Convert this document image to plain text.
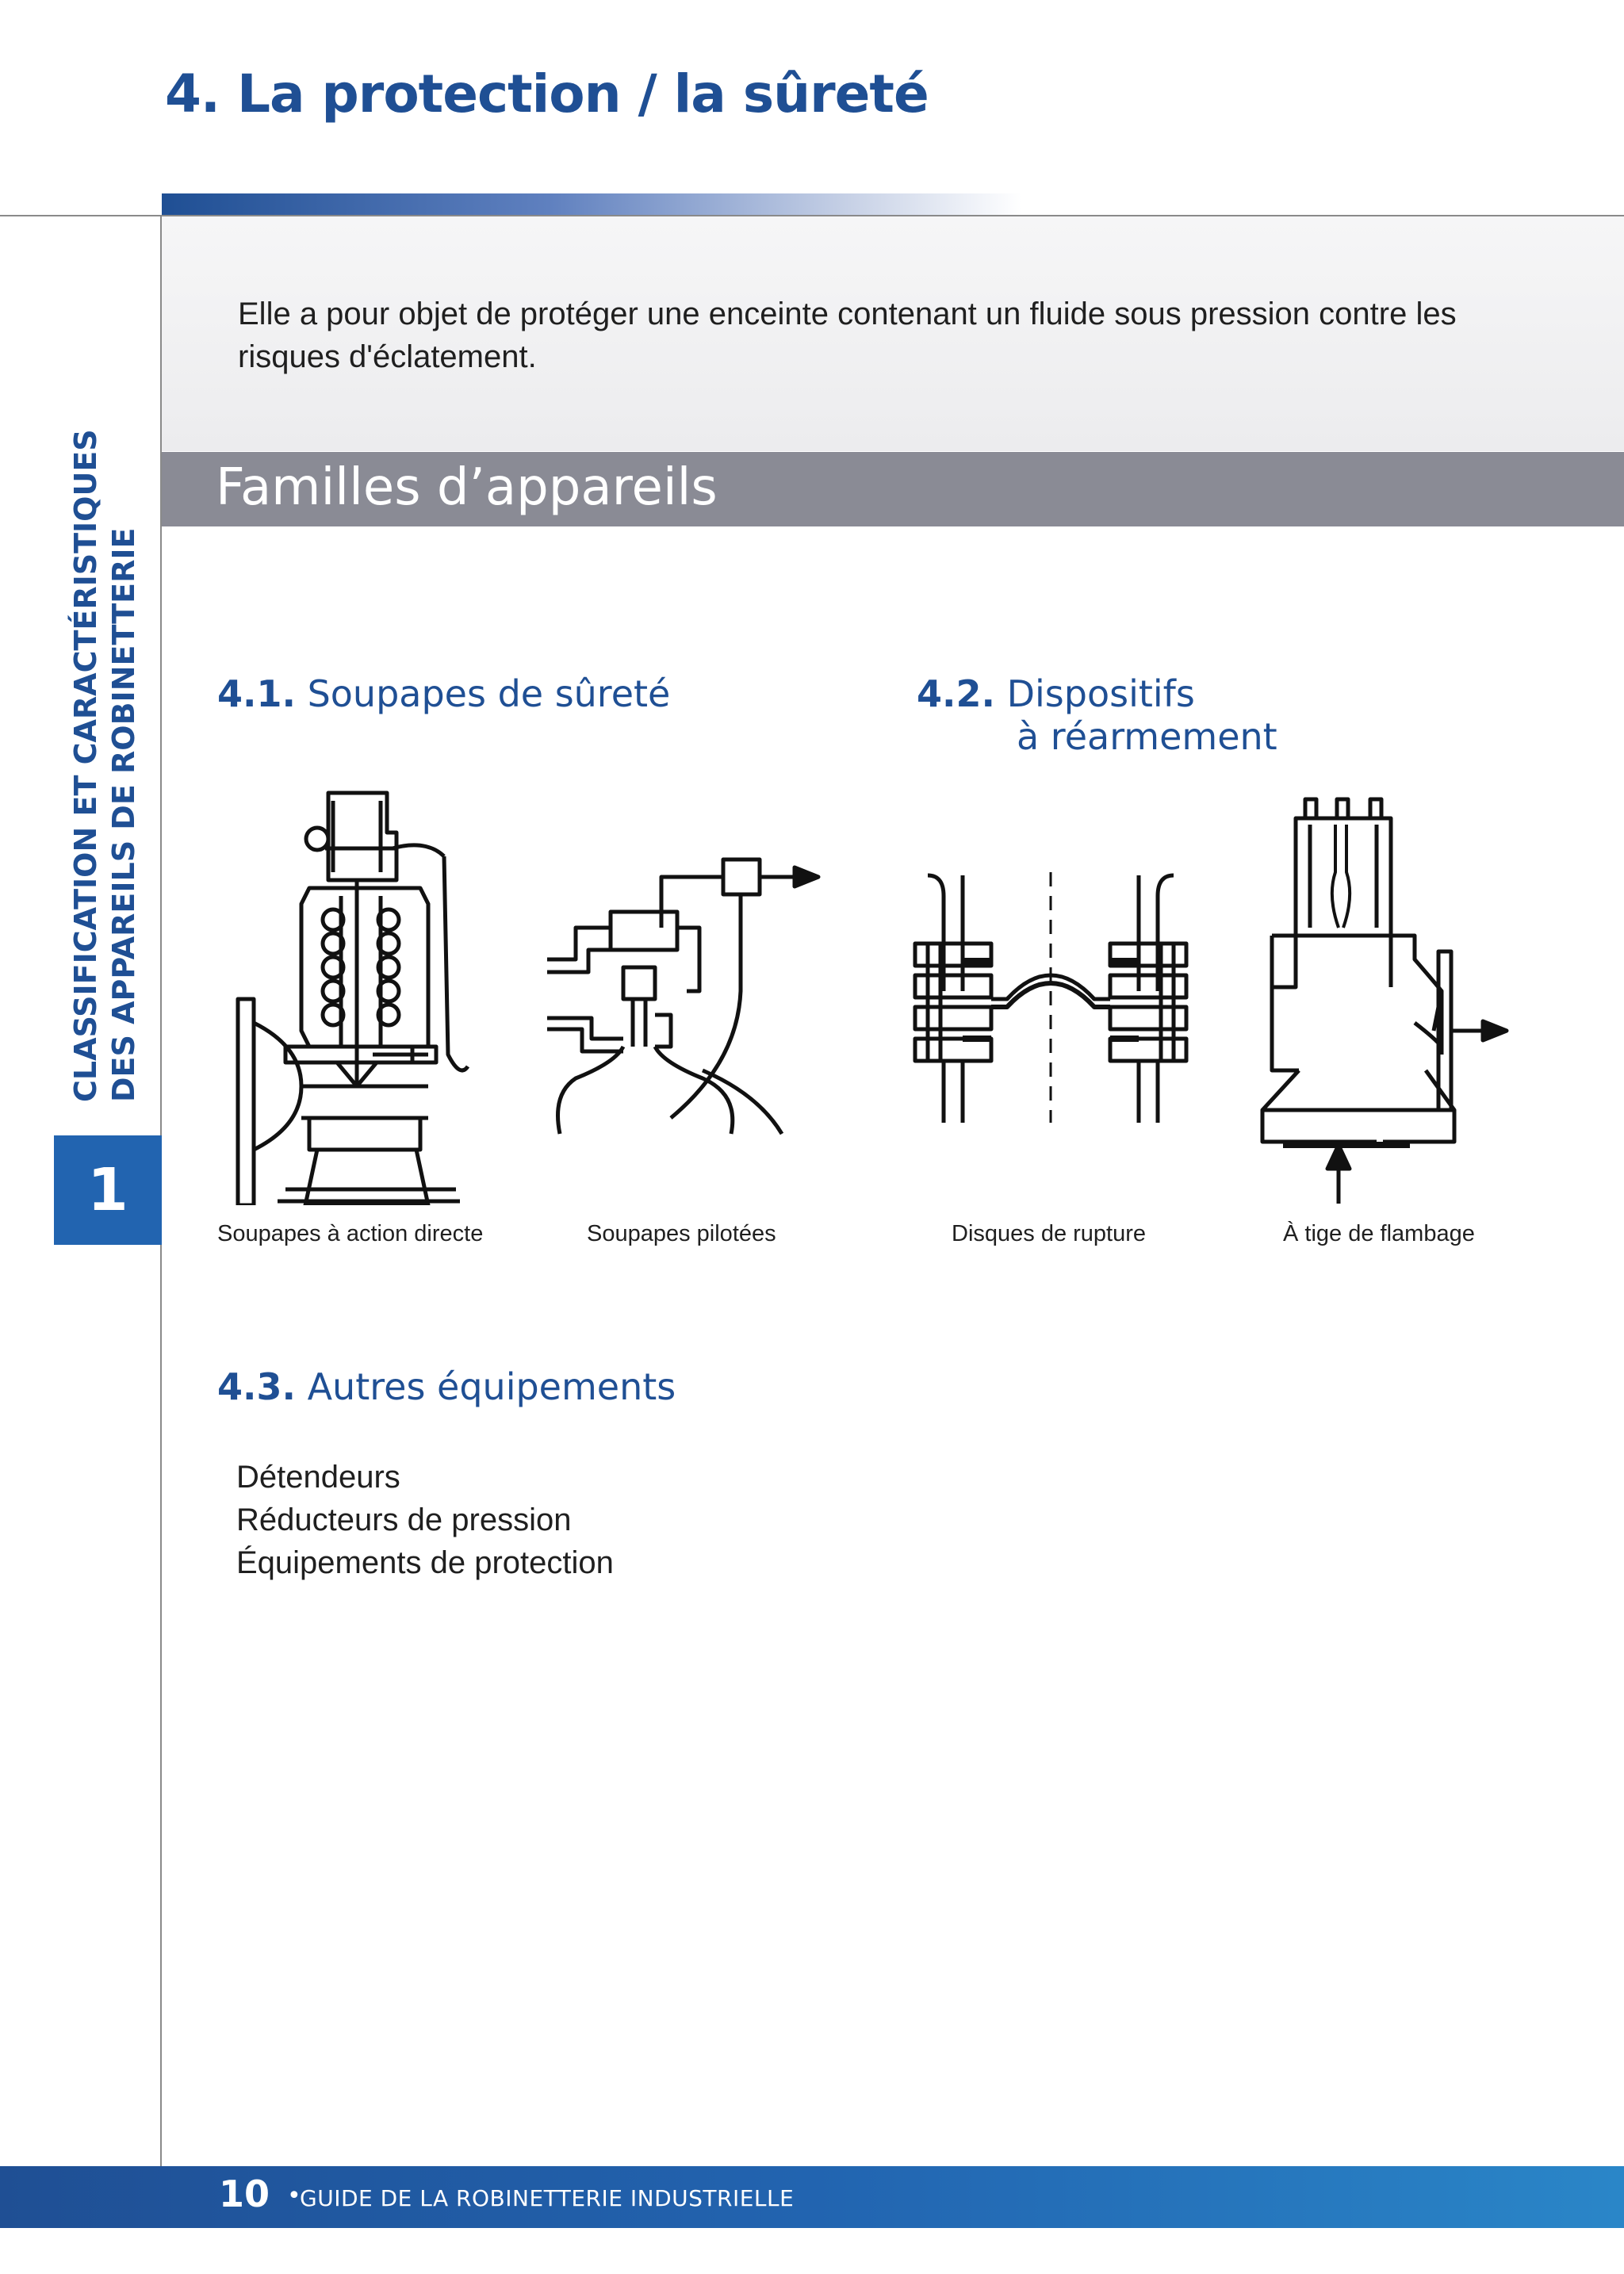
4. La protection / la sûreté
Elle a pour objet de protéger une enceinte contenant un fluide sous pression contre les risques d'éclatement.
Familles d’appareils
CLASSIFICATION ET CARACTÉRISTIQUES DES APPAREILS DE ROBINETTERIE
1
4.1. Soupapes de sûreté	4.2. Dispositifs
à réarmement
Soupapes à action directe	Soupapes pilotées	Disques de rupture	À tige de flambage
4.3. Autres équipements
Détendeurs
Réducteurs de pression
Équipements de protection
10 •
GUIDE DE LA ROBINETTERIE INDUSTRIELLE
